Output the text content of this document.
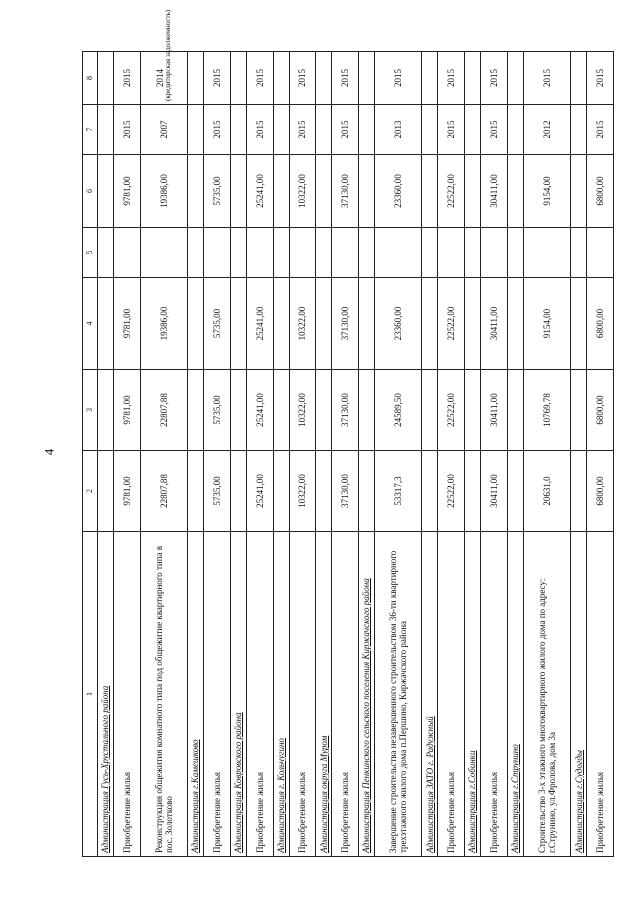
4
1	2	3	4	5	6	7	8
Администрация Гусь-Хрустального района							
Приобретение жилья	9781,00	9781,00	9781,00		9781,00	2015	2015
Реконструкция общежития комнатного типа под общежитие квартирного типа в пос. Золотково	22807,88	22807,88	19386,00		19386,00	2007	2014 (кредиторская задолженность)

Администрация г.Камешково							
Приобретение жилья	5735,00	5735,00	5735,00		5735,00	2015	2015
Администрация Ковровского района							
Приобретение жилья	25241,00	25241,00	25241,00		25241,00	2015	2015
Администрация г. Кольчугино							
Приобретение жилья	10322,00	10322,00	10322,00		10322,00	2015	2015
Администрация округа Муром							
Приобретение жилья	37130,00	37130,00	37130,00		37130,00	2015	2015
Администрация Пенкинского сельского поселения Киржачского района							
Завершение строительства незавершенного строительством 36-ти квартирного трехэтажного жилого дома п.Першино, Киржачского района	53317,3	24589,50	23360,00		23360,00	2013	2015
Администрация ЗАТО г. Радужный							
Приобретение жилья	22522,00	22522,00	22522,00		22522,00	2015	2015
Администрация г.Собинки							
Приобретение жилья	30411,00	30411,00	30411,00		30411,00	2015	2015
Администрация г.Струнино							
Строительство 3-х этажного многоквартирного жилого дома по адресу: г.Струнино, ул.Фролова, дом 3а	20631,0	10769,78	9154,00		9154,00	2012	2015
Администрация г.Судогды							
Приобретение жилья	6800,00	6800,00	6800,00		6800,00	2015	2015
